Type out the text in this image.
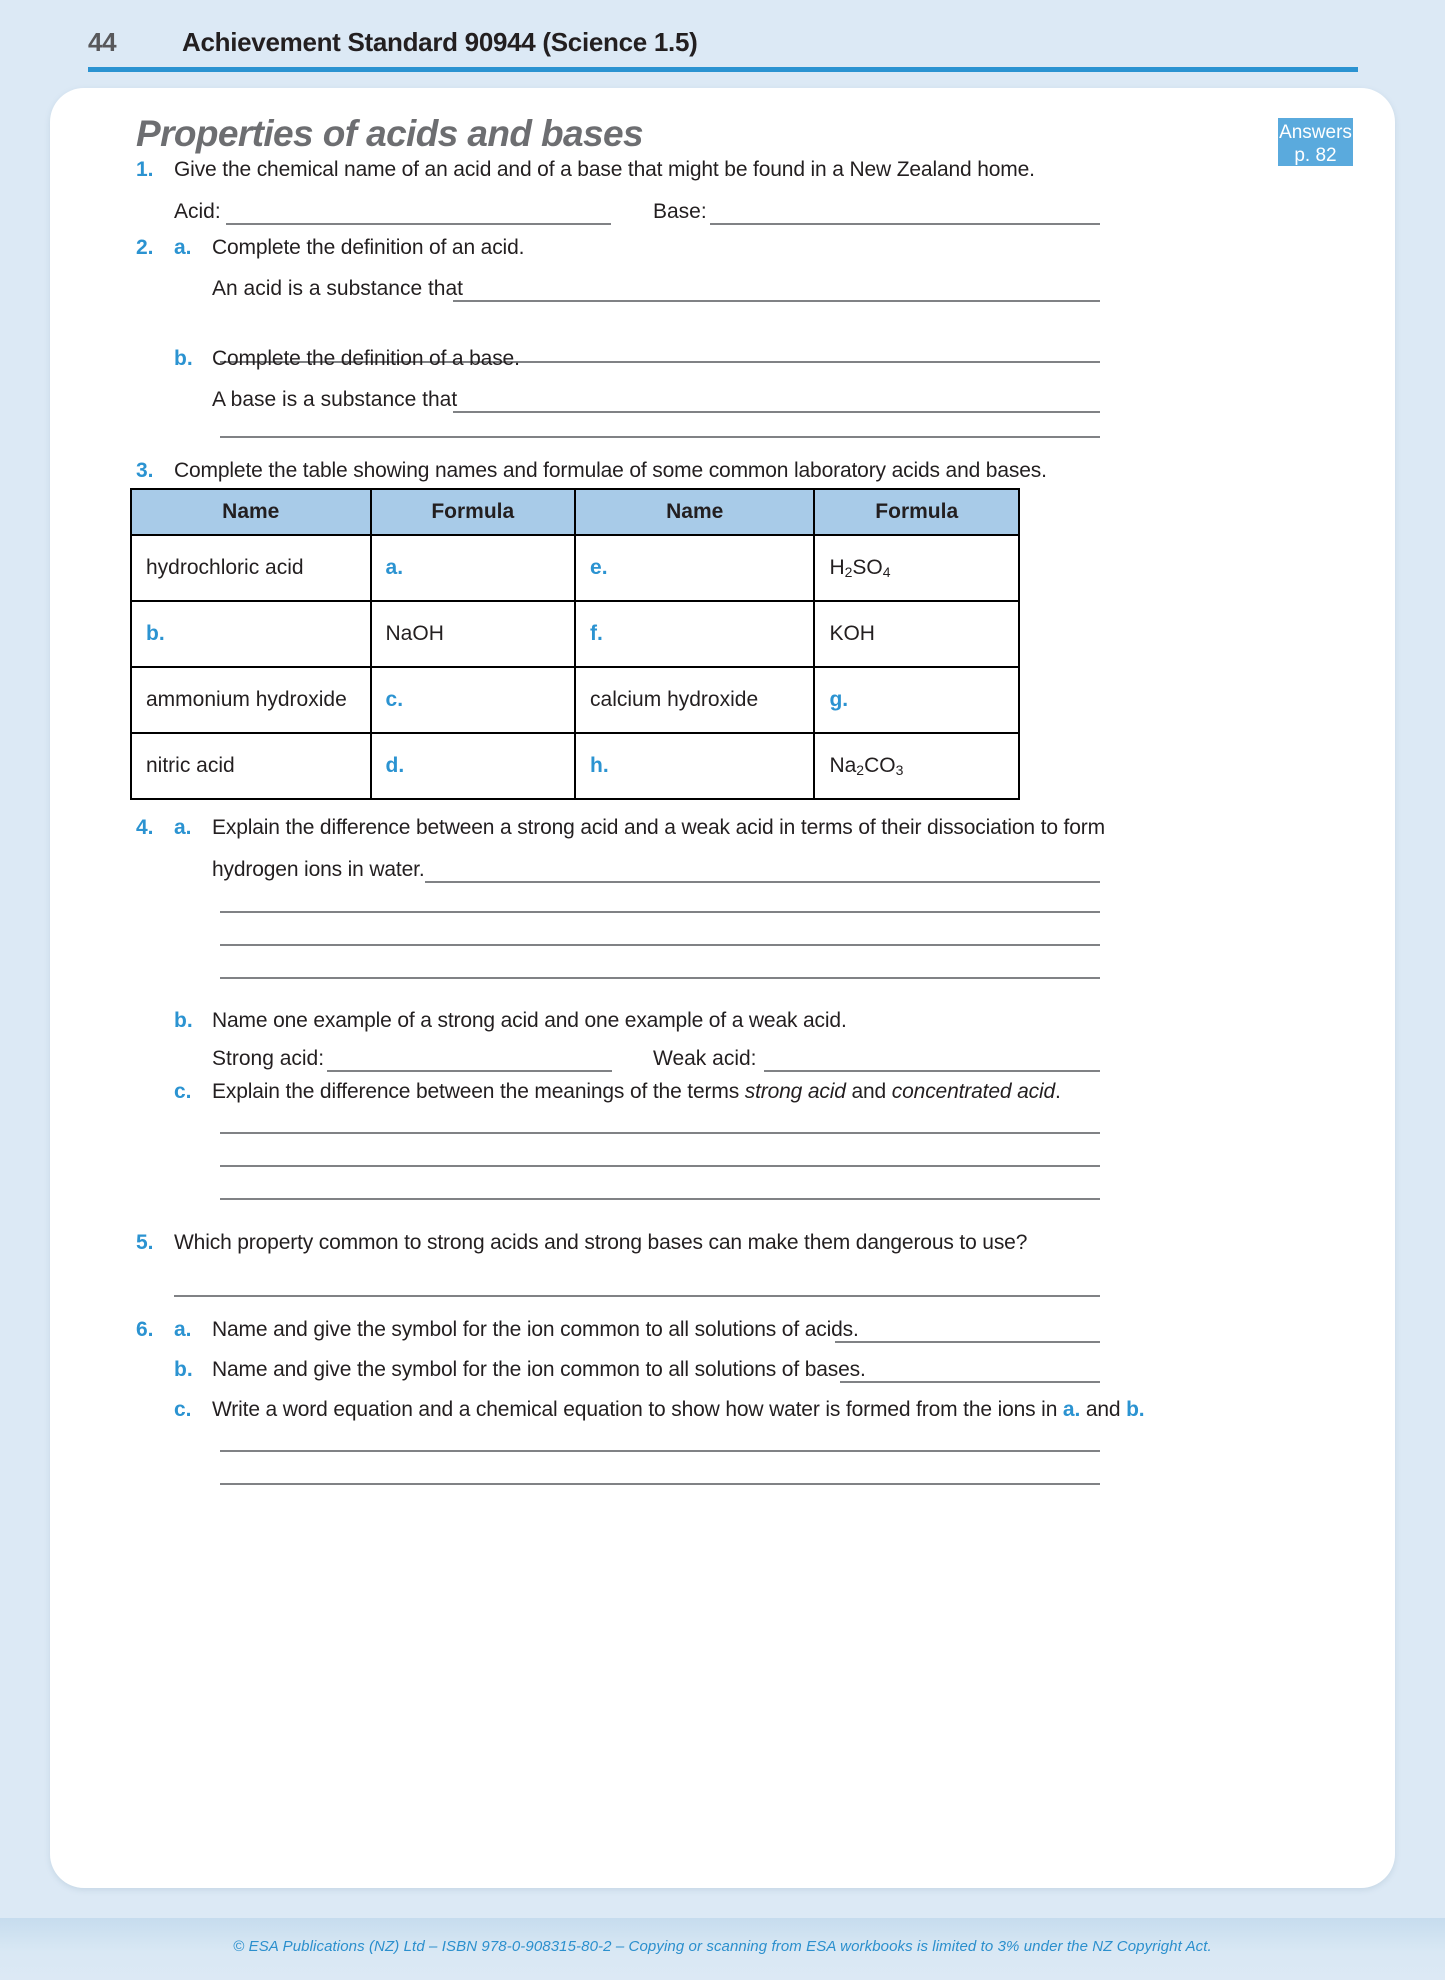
44	Achievement Standard 90944 (Science 1.5)
Properties of acids and bases	Answers
p. 82
1. Give the chemical name of an acid and of a base that might be found in a New Zealand home.
Acid:	Base:
2. a. Complete the definition of an acid.
An acid is a substance that
b. Complete the definition of a base.
A base is a substance that
3. Complete the table showing names and formulae of some common laboratory acids and bases.
Name	Formula	Name	Formula
hydrochloric acid	a.	e.	$H_2SO_4$
b.	NaOH	f.	KOH
ammonium hydroxide	c.	calcium hydroxide	g.
nitric acid	d.	h.	$Na_2CO_3$
4. a. Explain the difference between a strong acid and a weak acid in terms of their dissociation to form
hydrogen ions in water.
b. Name one example of a strong acid and one example of a weak acid.
Strong acid:	Weak acid:
c. Explain the difference between the meanings of the terms strong acid and concentrated acid.
5. Which property common to strong acids and strong bases can make them dangerous to use?
6. a. Name and give the symbol for the ion common to all solutions of acids.
b. Name and give the symbol for the ion common to all solutions of bases.
c. Write a word equation and a chemical equation to show how water is formed from the ions in a. and b.
© ESA Publications (NZ) Ltd – ISBN 978-0-908315-80-2 – Copying or scanning from ESA workbooks is limited to 3% under the NZ Copyright Act.
